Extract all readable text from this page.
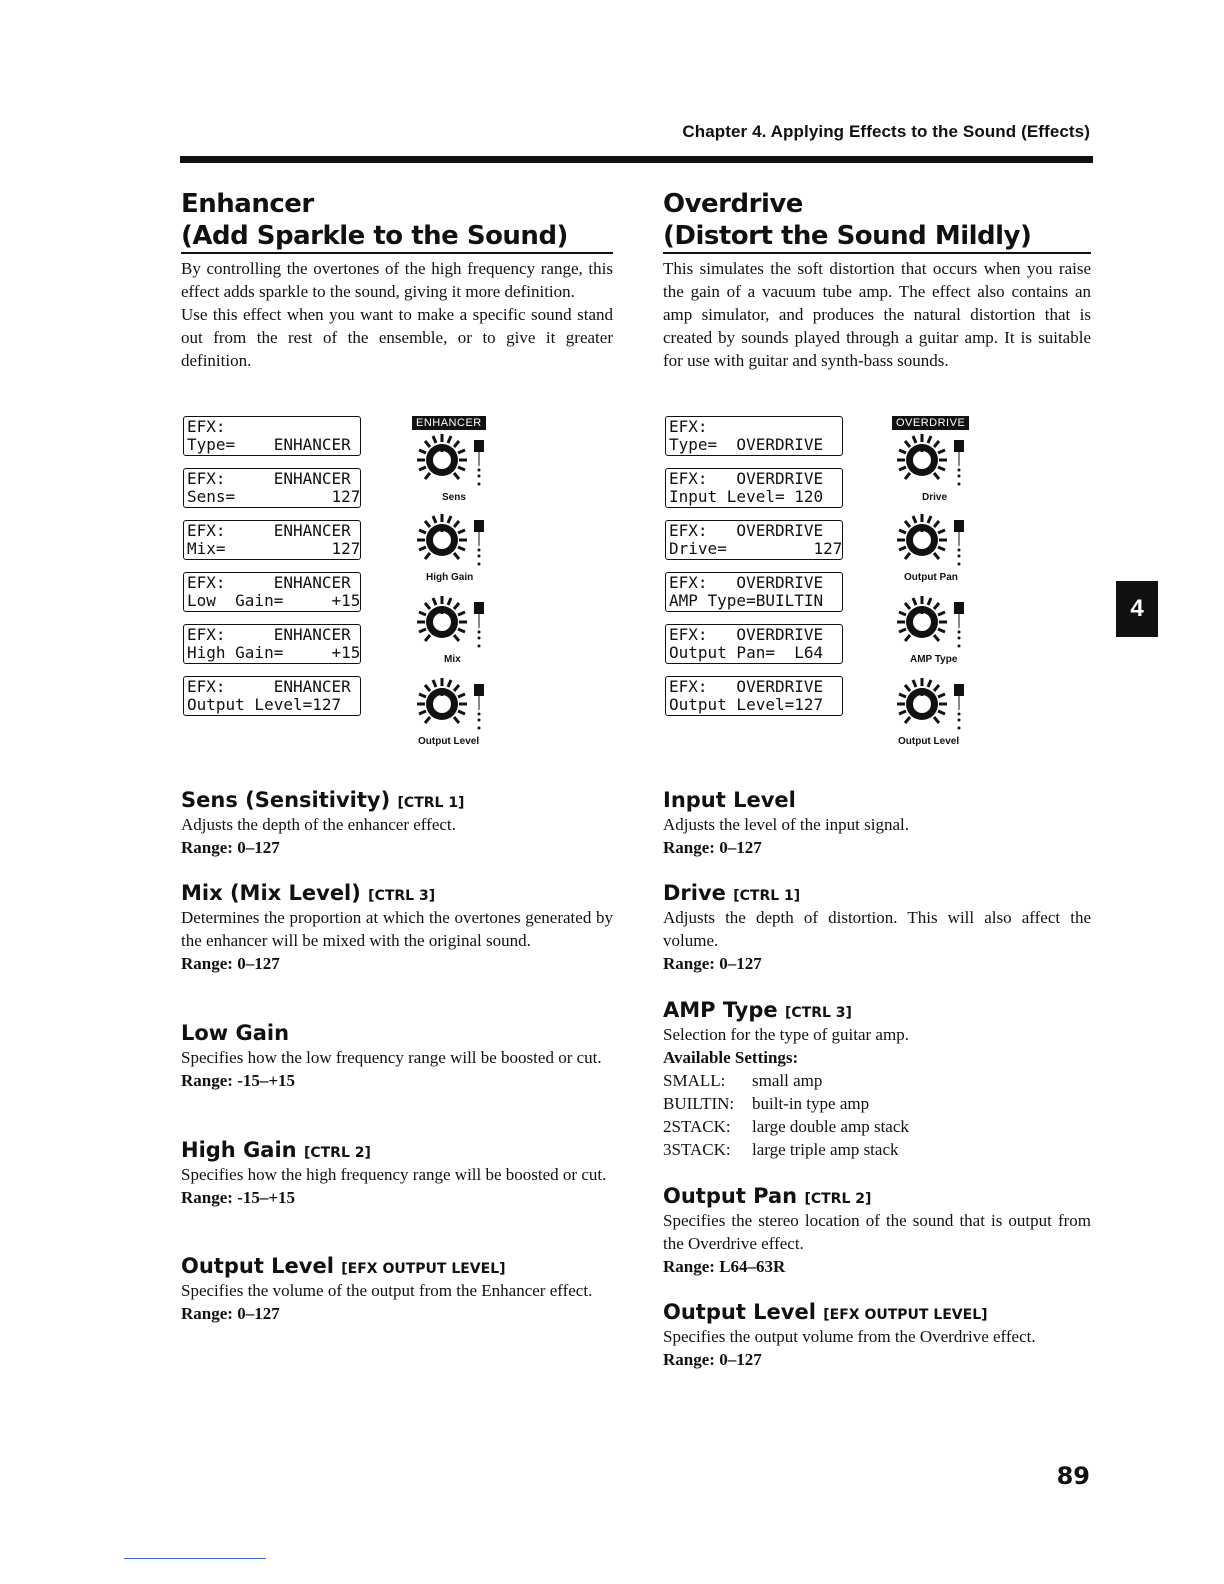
Chapter 4. Applying Effects to the Sound (Effects)
Enhancer
(Add Sparkle to the Sound)
By controlling the overtones of the high frequency range, this effect adds sparkle to the sound, giving it more definition.
Use this effect when you want to make a specific sound stand out from the rest of the ensemble, or to give it greater definition.
EFX:
Type=    ENHANCER
EFX:     ENHANCER
Sens=          127
EFX:     ENHANCER
Mix=           127
EFX:     ENHANCER
Low  Gain=     +15
EFX:     ENHANCER
High Gain=     +15
EFX:     ENHANCER
Output Level=127
ENHANCER
Sens
High Gain
Mix
Output Level
Overdrive
(Distort the Sound Mildly)
This simulates the soft distortion that occurs when you raise the gain of a vacuum tube amp. The effect also contains an amp simulator, and produces the natural distortion that is created by sounds played through a guitar amp. It is suitable for use with guitar and synth-bass sounds.
EFX:
Type=  OVERDRIVE
EFX:   OVERDRIVE
Input Level= 120
EFX:   OVERDRIVE
Drive=         127
EFX:   OVERDRIVE
AMP Type=BUILTIN
EFX:   OVERDRIVE
Output Pan=  L64
EFX:   OVERDRIVE
Output Level=127
OVERDRIVE
Drive
Output Pan
AMP Type
Output Level
Sens (Sensitivity) [CTRL 1]
Adjusts the depth of the enhancer effect.
Range: 0–127
Mix (Mix Level) [CTRL 3]
Determines the proportion at which the overtones generated by the enhancer will be mixed with the original sound.
Range: 0–127
Low Gain
Specifies how the low frequency range will be boosted or cut.
Range: -15–+15
High Gain [CTRL 2]
Specifies how the high frequency range will be boosted or cut.
Range: -15–+15
Output Level [EFX OUTPUT LEVEL]
Specifies the volume of the output from the Enhancer effect.
Range: 0–127
Input Level
Adjusts the level of the input signal.
Range: 0–127
Drive [CTRL 1]
Adjusts the depth of distortion. This will also affect the volume.
Range: 0–127
AMP Type [CTRL 3]
Selection for the type of guitar amp.
Available Settings:
SMALL:	small amp
BUILTIN:	built-in type amp
2STACK:	large double amp stack
3STACK:	large triple amp stack
Output Pan [CTRL 2]
Specifies the stereo location of the sound that is output from the Overdrive effect.
Range: L64–63R
Output Level [EFX OUTPUT LEVEL]
Specifies the output volume from the Overdrive effect.
Range: 0–127
4
89
